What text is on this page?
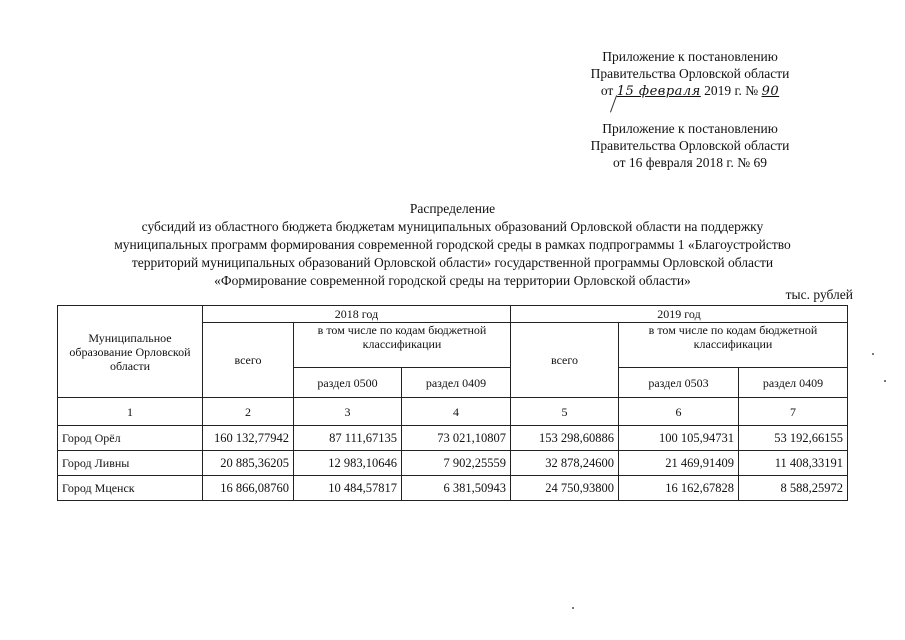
Приложение к постановлению
Правительства Орловской области
от 15 февраля 2019 г. № 90
Приложение к постановлению
Правительства Орловской области
от 16 февраля 2018 г. № 69
Распределение
субсидий из областного бюджета бюджетам муниципальных образований Орловской области на поддержку
муниципальных программ формирования современной городской среды в рамках подпрограммы 1 «Благоустройство
территорий муниципальных образований Орловской области» государственной программы Орловской области
«Формирование современной городской среды на территории Орловской области»
тыс. рублей
Муниципальное образование Орловской области	2018 год			2019 год		
	всего	в том числе по кодам бюджетной классификации		всего	в том числе по кодам бюджетной классификации	
		раздел 0500	раздел 0409		раздел 0503	раздел 0409
1	2	3	4	5	6	7
Город Орёл	160 132,77942	87 111,67135	73 021,10807	153 298,60886	100 105,94731	53 192,66155
Город Ливны	20 885,36205	12 983,10646	7 902,25559	32 878,24600	21 469,91409	11 408,33191
Город Мценск	16 866,08760	10 484,57817	6 381,50943	24 750,93800	16 162,67828	8 588,25972
